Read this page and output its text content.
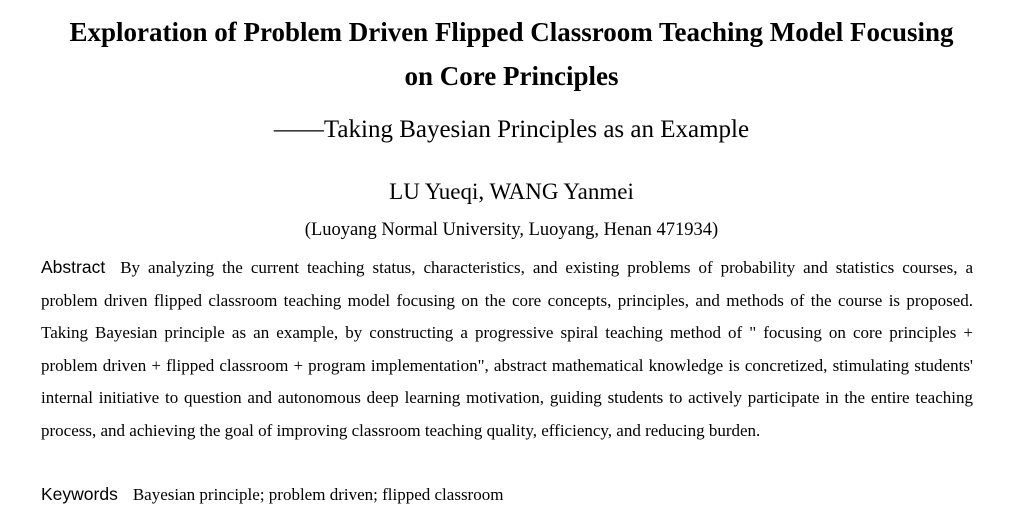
Exploration of Problem Driven Flipped Classroom Teaching Model Focusing
on Core Principles
——Taking Bayesian Principles as an Example
LU Yueqi, WANG Yanmei
(Luoyang Normal University, Luoyang, Henan 471934)

Abstract By analyzing the current teaching status, characteristics, and existing problems of probability and statistics courses, a problem driven flipped classroom teaching model focusing on the core concepts, principles, and methods of the course is proposed. Taking Bayesian principle as an example, by constructing a progressive spiral teaching method of " focusing on core principles + problem driven + flipped classroom + program implementation", abstract mathematical knowledge is concretized, stimulating students' internal initiative to question and autonomous deep learning motivation, guiding students to actively participate in the entire teaching process, and achieving the goal of improving classroom teaching quality, efficiency, and reducing burden.

Keywords Bayesian principle; problem driven; flipped classroom
